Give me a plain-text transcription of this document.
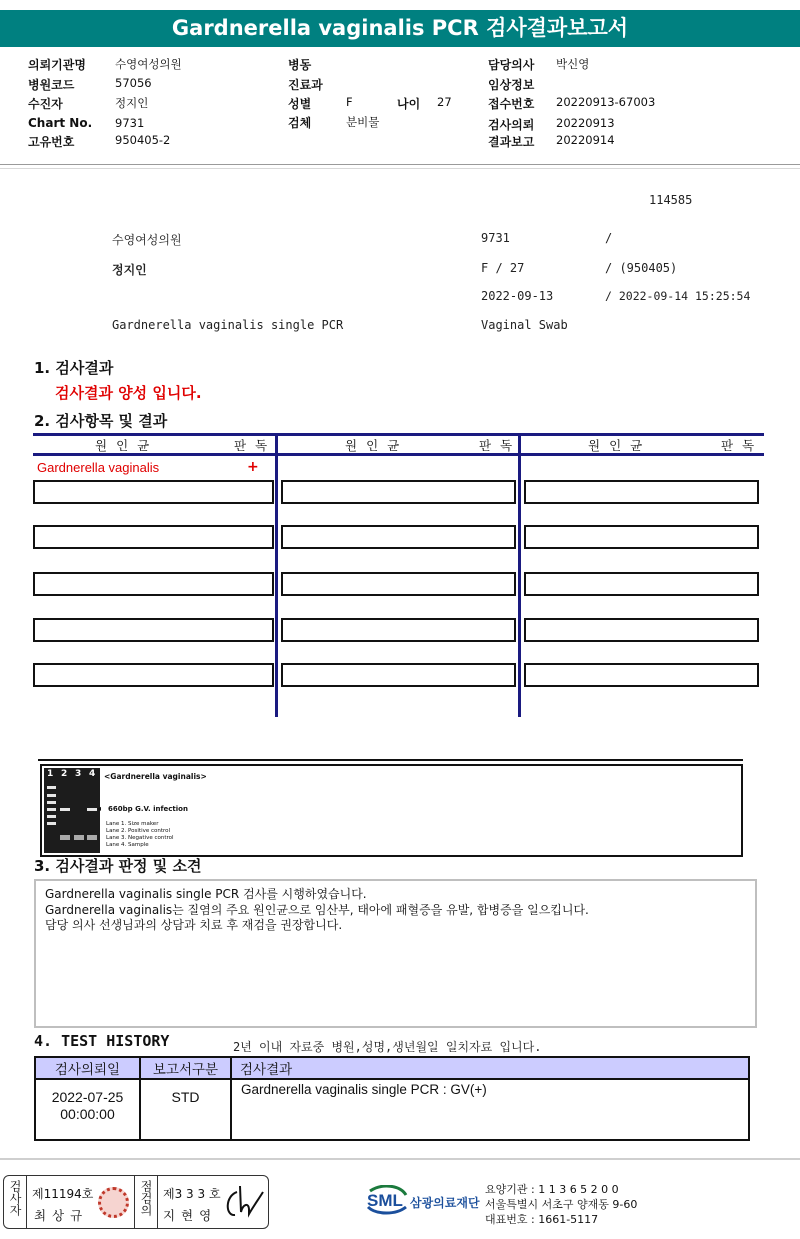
Gardnerella vaginalis PCR 검사결과보고서
의뢰기관명	수영여성의원
병원코드	57056
수진자	정지인
Chart No. 9731
고유번호	950405-2
병동
진료과
성별	F	나이 27
검체	분비물
담당의사 박신영
임상정보
접수번호 20220913-67003
검사의뢰 20220913
결과보고 20220914
114585
수영여성의원	9731	/
정지인	F / 27	/ (950405)
2022-09-13	/ 2022-09-14 15:25:54
Gardnerella vaginalis single PCR	Vaginal Swab
1. 검사결과
검사결과 양성 입니다.
2. 검사항목 및 결과
원인균	판독	원인균	판독	원인균	판독
Gardnerella vaginalis	+
1 2 3 4 <Gardnerella vaginalis>
◂ 660bp G.V. infection
Lane 1. Size maker
Lane 2. Positive control
Lane 3. Negative control
Lane 4. Sample
3. 검사결과 판정 및 소견
Gardnerella vaginalis single PCR 검사를 시행하였습니다.
Gardnerella vaginalis는 질염의 주요 원인균으로 임산부, 태아에 패혈증을 유발, 합병증을 일으킵니다.
담당 의사 선생님과의 상담과 치료 후 재검을 권장합니다.
4. TEST HISTORY	2년 이내 자료중 병원,성명,생년월일 일치자료 입니다.
검사의뢰일	보고서구분	검사결과

2022-07-25
00:00:00	STD	Gardnerella vaginalis single PCR : GV(+)
검사자 제11194호
최 상 규	점검의 제3 3 3 호
지 현 영
SML 삼광의료재단
요양기관 : 1 1 3 6 5 2 0 0
서울특별시 서초구 양재동 9-60
대표번호 : 1661-5117
